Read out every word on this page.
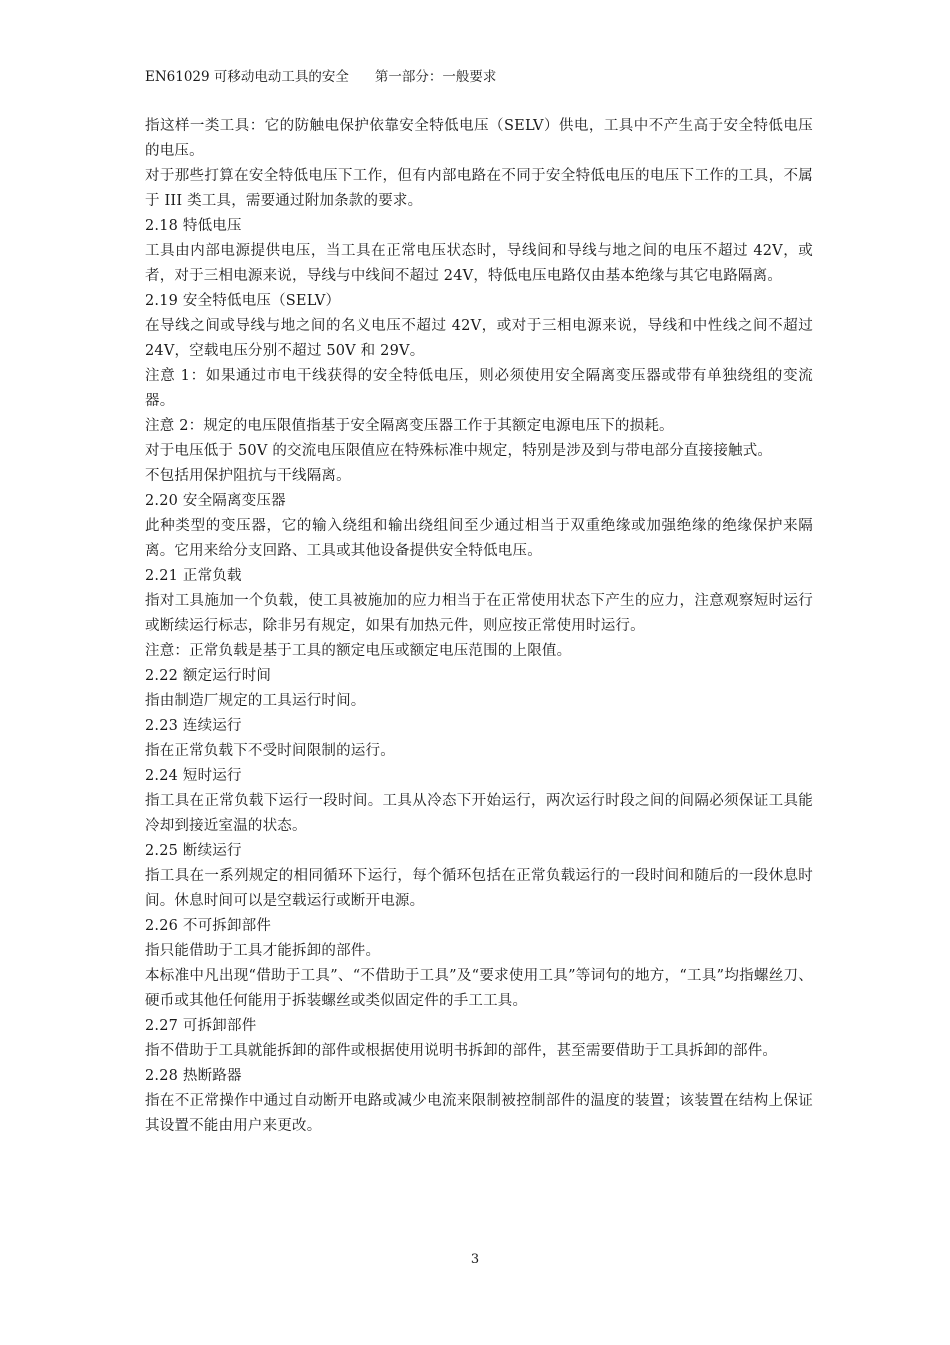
EN61029 可移动电动工具的安全 第一部分：一般要求

指这样一类工具：它的防触电保护依靠安全特低电压（SELV）供电，工具中不产生高于安全特低电压的电压。

对于那些打算在安全特低电压下工作，但有内部电路在不同于安全特低电压的电压下工作的工具，不属于 III 类工具，需要通过附加条款的要求。

2.18 特低电压

工具由内部电源提供电压，当工具在正常电压状态时，导线间和导线与地之间的电压不超过 42V，或者，对于三相电源来说，导线与中线间不超过 24V，特低电压电路仅由基本绝缘与其它电路隔离。

2.19 安全特低电压（SELV）

在导线之间或导线与地之间的名义电压不超过 42V，或对于三相电源来说，导线和中性线之间不超过 24V，空载电压分别不超过 50V 和 29V。

注意 1：如果通过市电干线获得的安全特低电压，则必须使用安全隔离变压器或带有单独绕组的变流器。

注意 2：规定的电压限值指基于安全隔离变压器工作于其额定电源电压下的损耗。

对于电压低于 50V 的交流电压限值应在特殊标准中规定，特别是涉及到与带电部分直接接触式。

不包括用保护阻抗与干线隔离。

2.20 安全隔离变压器

此种类型的变压器，它的输入绕组和输出绕组间至少通过相当于双重绝缘或加强绝缘的绝缘保护来隔离。它用来给分支回路、工具或其他设备提供安全特低电压。

2.21 正常负载

指对工具施加一个负载，使工具被施加的应力相当于在正常使用状态下产生的应力，注意观察短时运行或断续运行标志，除非另有规定，如果有加热元件，则应按正常使用时运行。

注意：正常负载是基于工具的额定电压或额定电压范围的上限值。

2.22 额定运行时间

指由制造厂规定的工具运行时间。

2.23 连续运行

指在正常负载下不受时间限制的运行。

2.24 短时运行

指工具在正常负载下运行一段时间。工具从冷态下开始运行，两次运行时段之间的间隔必须保证工具能冷却到接近室温的状态。

2.25 断续运行

指工具在一系列规定的相同循环下运行，每个循环包括在正常负载运行的一段时间和随后的一段休息时间。休息时间可以是空载运行或断开电源。

2.26 不可拆卸部件

指只能借助于工具才能拆卸的部件。

本标准中凡出现“借助于工具”、“不借助于工具”及“要求使用工具”等词句的地方，“工具”均指螺丝刀、硬币或其他任何能用于拆装螺丝或类似固定件的手工工具。

2.27 可拆卸部件

指不借助于工具就能拆卸的部件或根据使用说明书拆卸的部件，甚至需要借助于工具拆卸的部件。

2.28 热断路器

指在不正常操作中通过自动断开电路或减少电流来限制被控制部件的温度的装置；该装置在结构上保证其设置不能由用户来更改。

3
